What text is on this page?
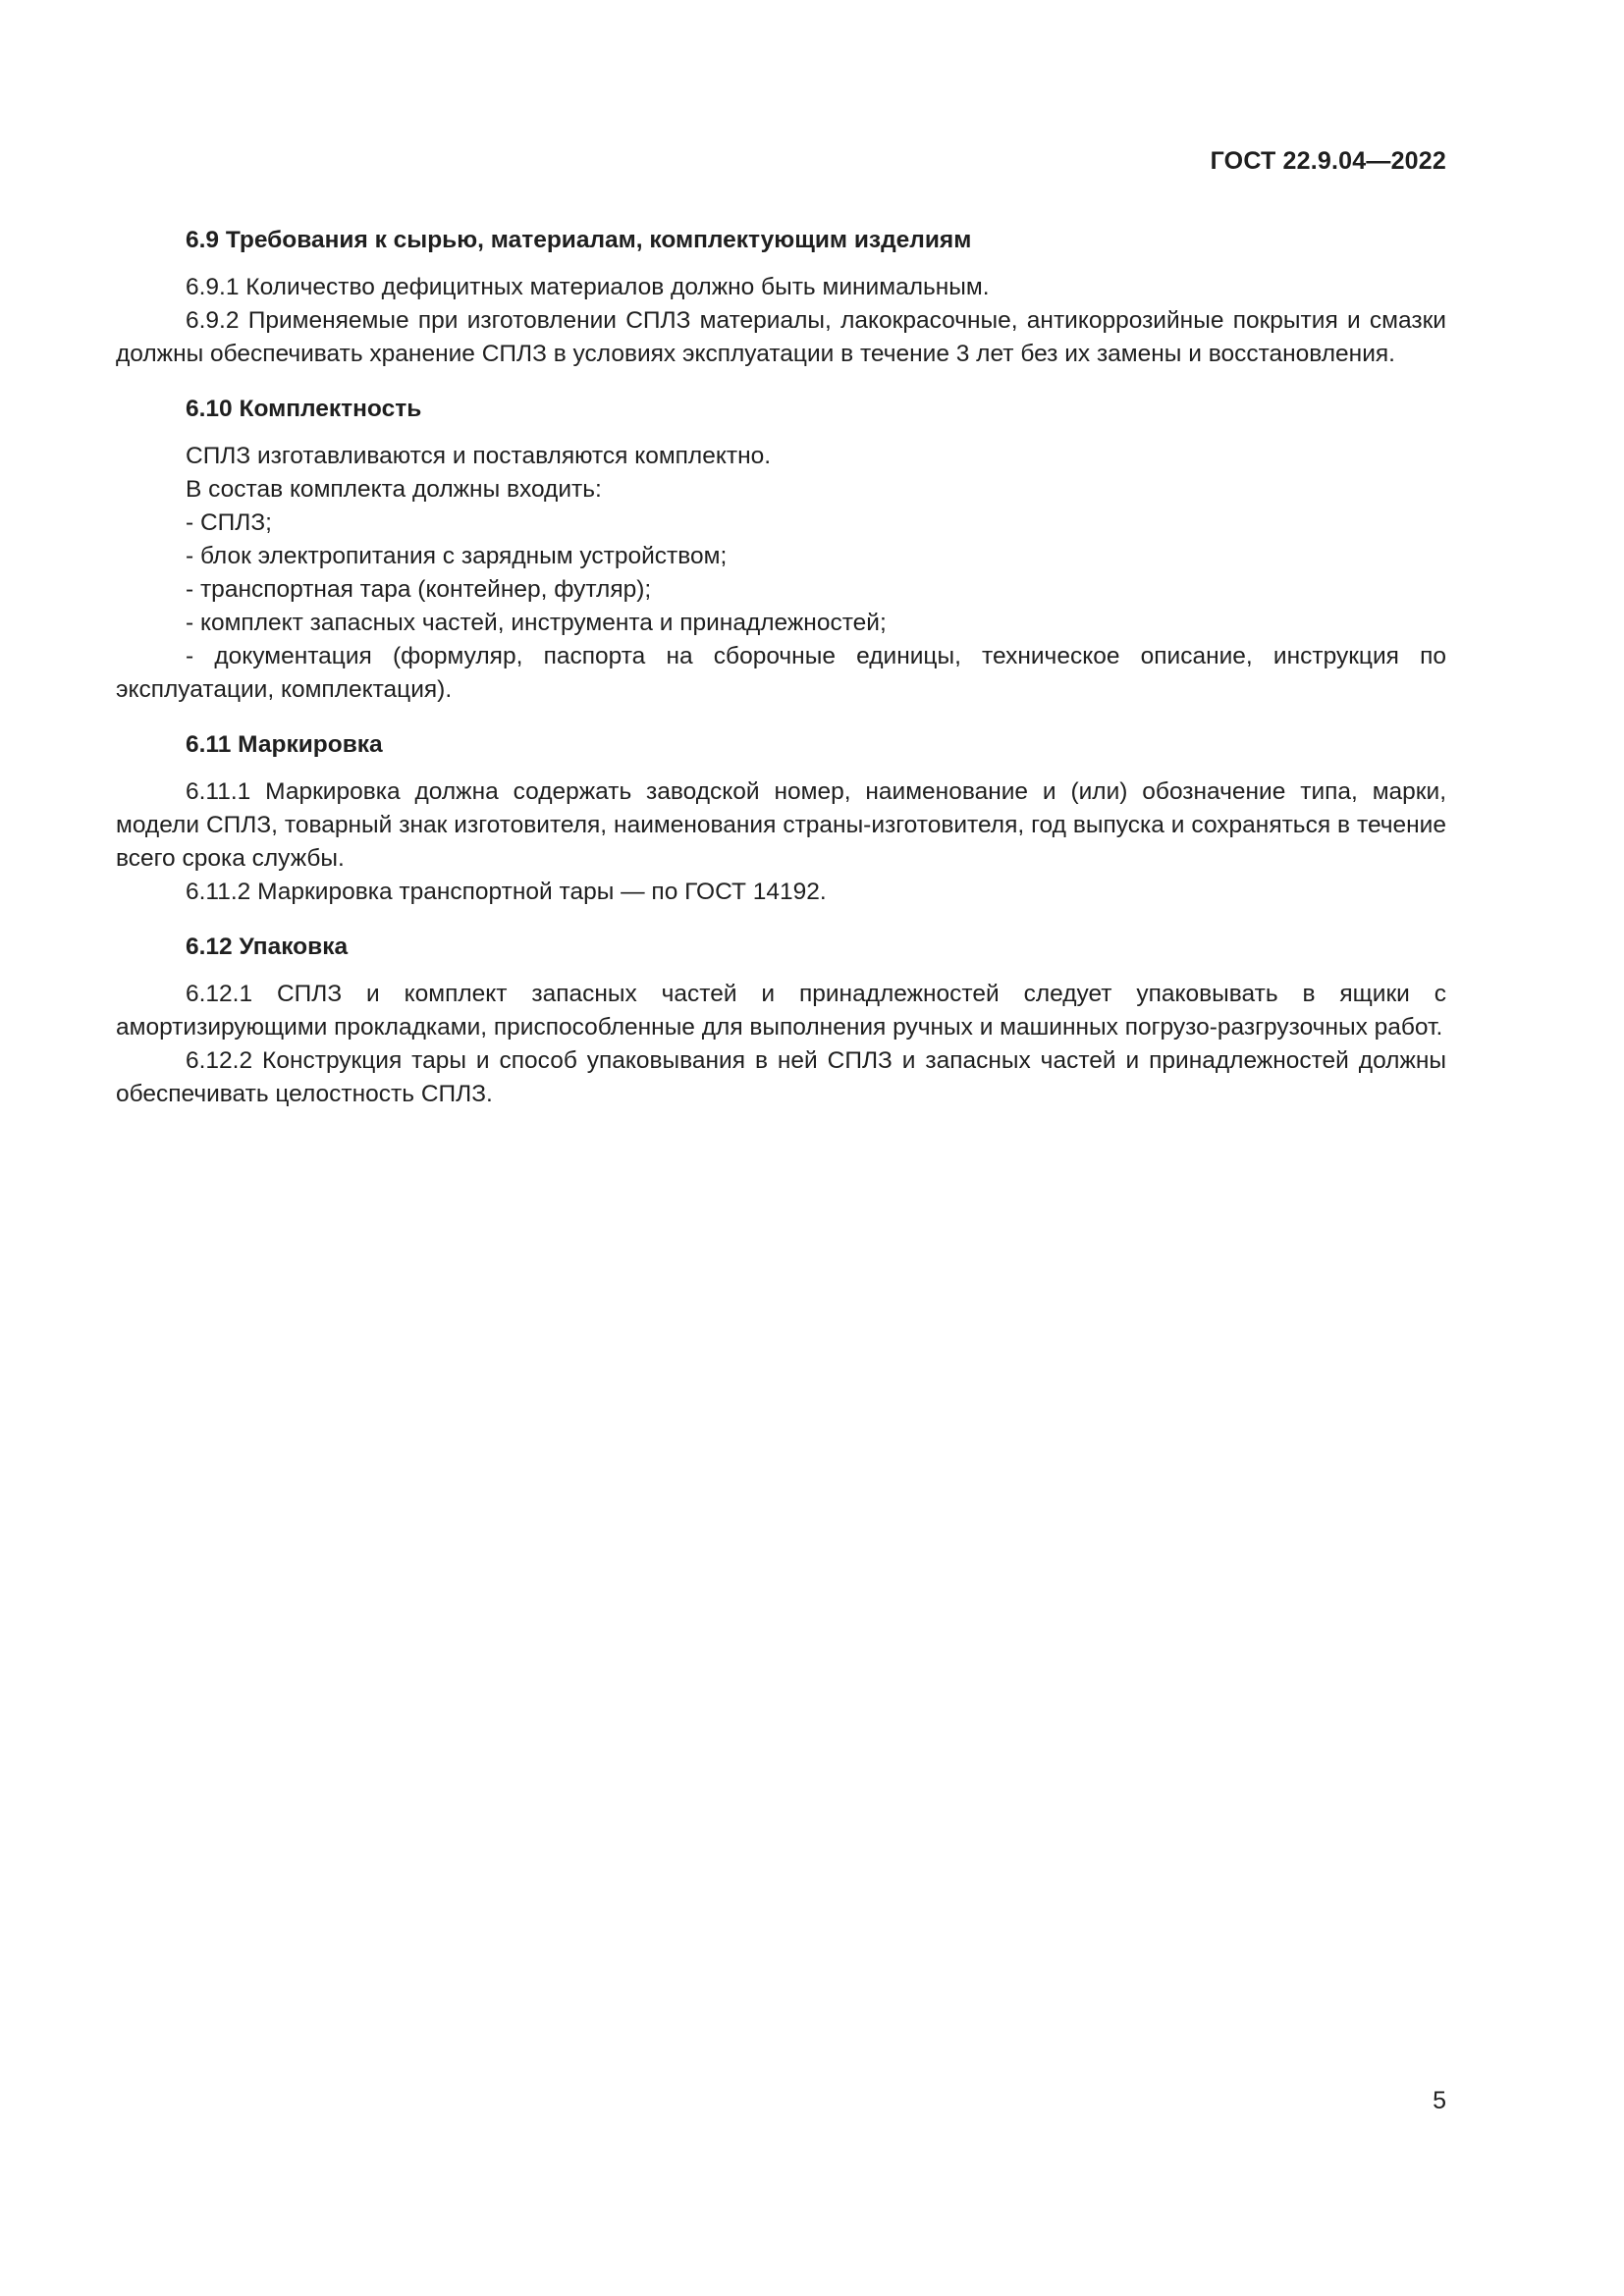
ГОСТ 22.9.04—2022
6.9 Требования к сырью, материалам, комплектующим изделиям

6.9.1 Количество дефицитных материалов должно быть минимальным.

6.9.2 Применяемые при изготовлении СПЛЗ материалы, лакокрасочные, антикоррозийные покрытия и смазки должны обеспечивать хранение СПЛЗ в условиях эксплуатации в течение 3 лет без их замены и восстановления.

6.10 Комплектность

СПЛЗ изготавливаются и поставляются комплектно.

В состав комплекта должны входить:

- СПЛЗ;

- блок электропитания с зарядным устройством;

- транспортная тара (контейнер, футляр);

- комплект запасных частей, инструмента и принадлежностей;

- документация (формуляр, паспорта на сборочные единицы, техническое описание, инструкция по эксплуатации, комплектация).

6.11 Маркировка

6.11.1 Маркировка должна содержать заводской номер, наименование и (или) обозначение типа, марки, модели СПЛЗ, товарный знак изготовителя, наименования страны-изготовителя, год выпуска и сохраняться в течение всего срока службы.

6.11.2 Маркировка транспортной тары — по ГОСТ 14192.

6.12 Упаковка

6.12.1 СПЛЗ и комплект запасных частей и принадлежностей следует упаковывать в ящики с амортизирующими прокладками, приспособленные для выполнения ручных и машинных погрузо-разгрузочных работ.

6.12.2 Конструкция тары и способ упаковывания в ней СПЛЗ и запасных частей и принадлежностей должны обеспечивать целостность СПЛЗ.

5
